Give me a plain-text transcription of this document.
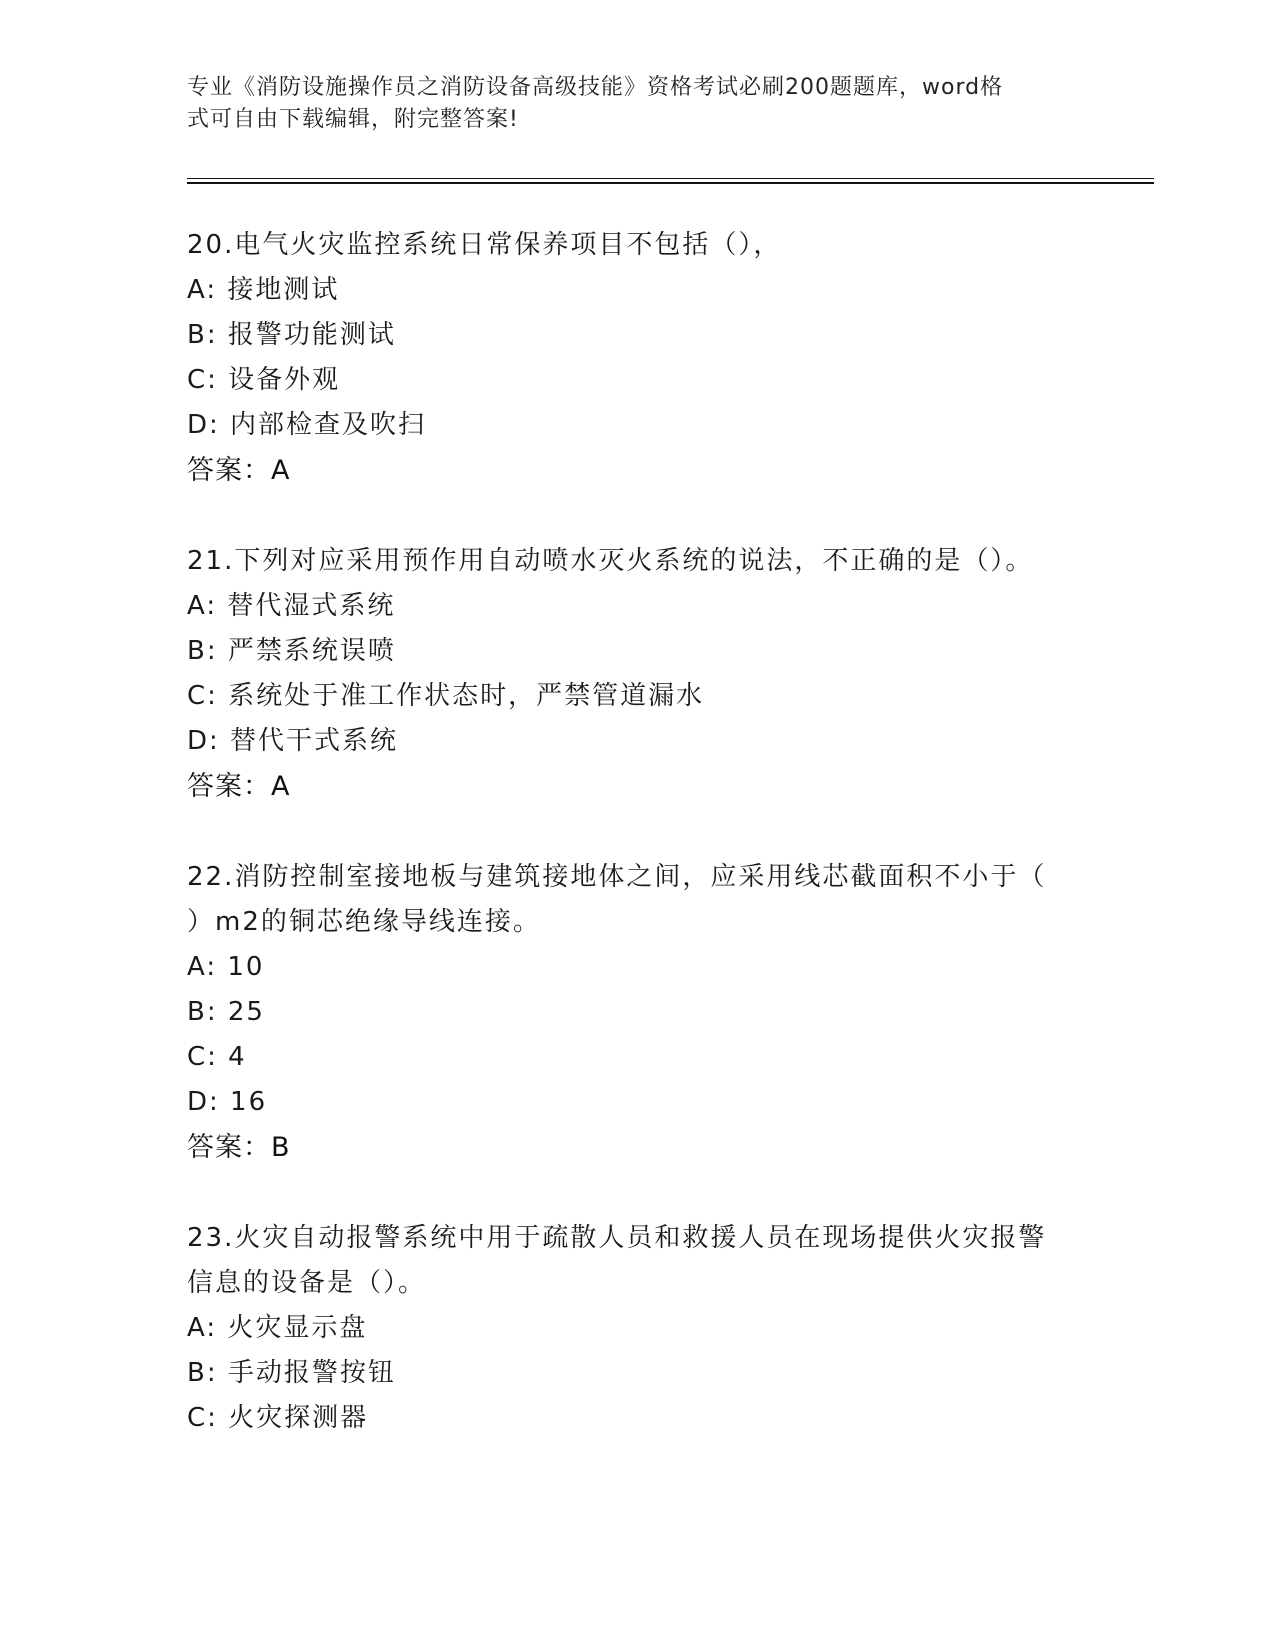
专业《消防设施操作员之消防设备高级技能》资格考试必刷200题题库，word格
式可自由下载编辑，附完整答案!

20.电气火灾监控系统日常保养项目不包括（），

A: 接地测试

B: 报警功能测试

C: 设备外观

D: 内部检查及吹扫

答案：A

21.下列对应采用预作用自动喷水灭火系统的说法，不正确的是（）。

A: 替代湿式系统

B: 严禁系统误喷

C: 系统处于准工作状态时，严禁管道漏水

D: 替代干式系统

答案：A

22.消防控制室接地板与建筑接地体之间，应采用线芯截面积不小于（

）m2的铜芯绝缘导线连接。

A: 10

B: 25

C: 4

D: 16

答案：B

23.火灾自动报警系统中用于疏散人员和救援人员在现场提供火灾报警

信息的设备是（）。

A: 火灾显示盘

B: 手动报警按钮

C: 火灾探测器
